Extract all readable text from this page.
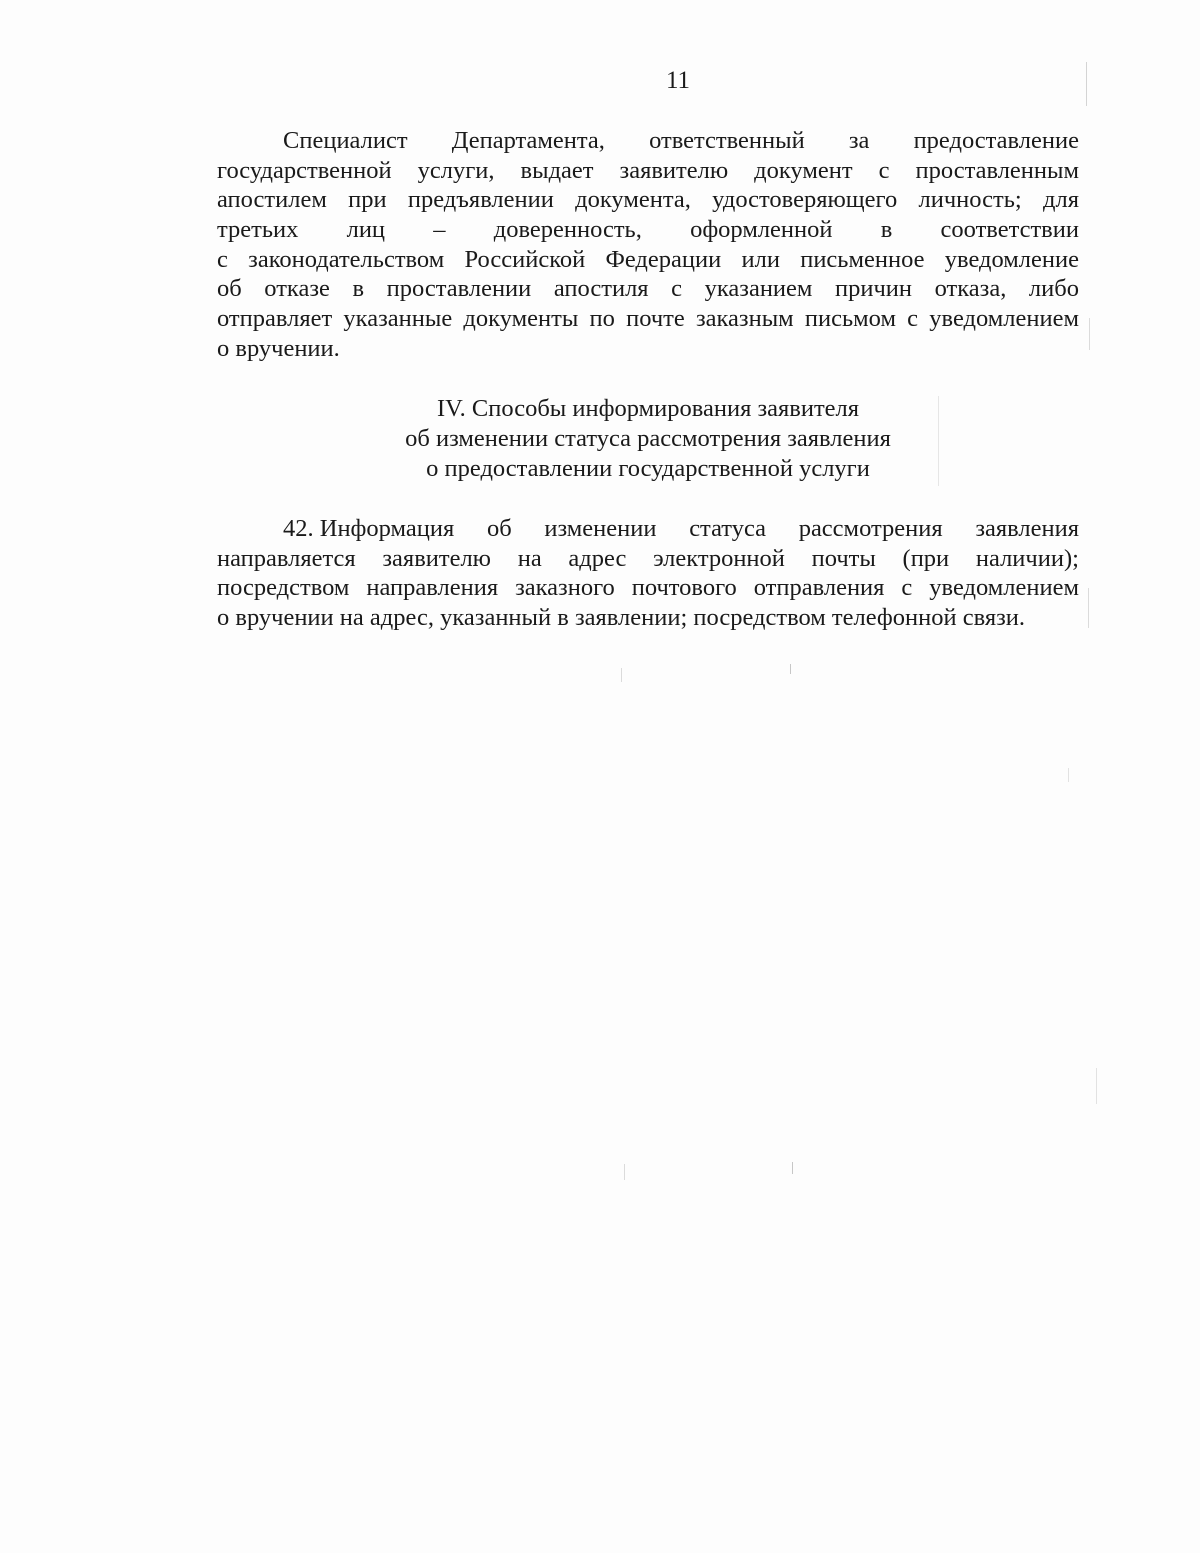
11
Специалист Департамента, ответственный за предоставление
государственной услуги, выдает заявителю документ с проставленным
апостилем при предъявлении документа, удостоверяющего личность; для
третьих лиц – доверенность, оформленной в соответствии
с законодательством Российской Федерации или письменное уведомление
об отказе в проставлении апостиля с указанием причин отказа, либо
отправляет указанные документы по почте заказным письмом с уведомлением
о вручении.
IV. Способы информирования заявителя
об изменении статуса рассмотрения заявления
о предоставлении государственной услуги
42. Информация об изменении статуса рассмотрения заявления
направляется заявителю на адрес электронной почты (при наличии);
посредством направления заказного почтового отправления с уведомлением
о вручении на адрес, указанный в заявлении; посредством телефонной связи.
